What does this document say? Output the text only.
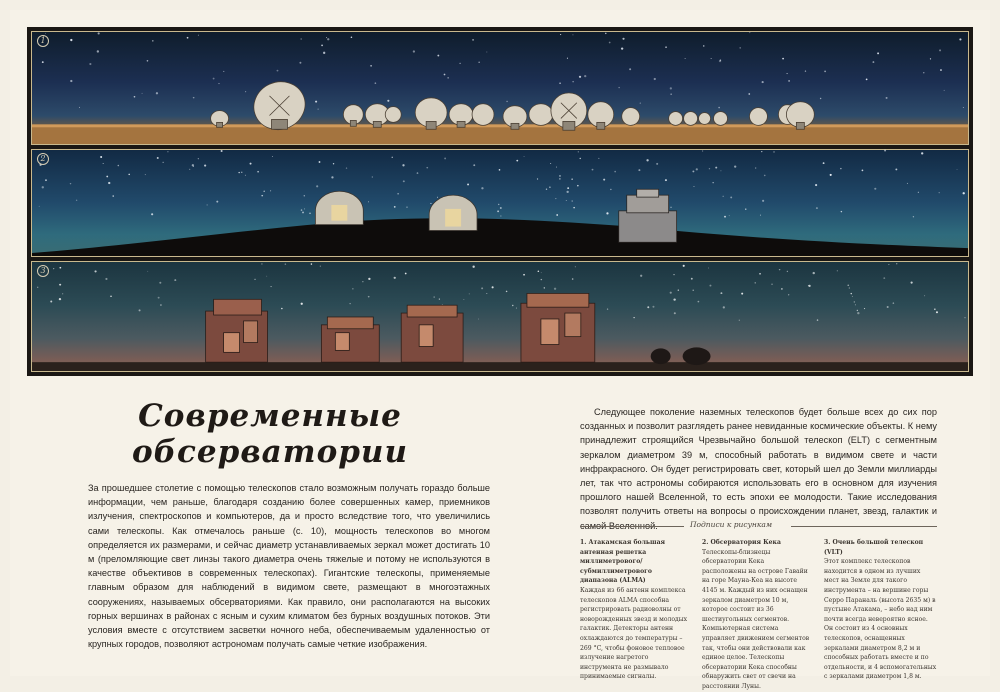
1
2
3
Современные
обсерватории

За прошедшее столетие с помощью телескопов стало возможным получать гораздо больше информации, чем раньше, благодаря созданию более совершенных камер, приемников излучения, спектроскопов и компьютеров, да и просто вследствие того, что увеличились сами телескопы. Как отмечалось раньше (с. 10), мощность телескопов во многом определяется их размерами, и сейчас диаметр устанавливаемых зеркал может достигать 10 м (преломляющие свет линзы такого диаметра очень тяжелые и потому не используются в качестве объективов в современных телескопах). Гигантские телескопы, применяемые главным образом для наблюдений в видимом свете, размещают в многоэтажных сооружениях, называемых обсерваториями. Как правило, они располагаются на высоких горных вершинах в районах с ясным и сухим климатом без бурных воздушных потоков. Эти условия вместе с отсутствием засветки ночного неба, обеспечиваемым удаленностью от крупных городов, позволяют астрономам получать самые четкие изображения.

Следующее поколение наземных телескопов будет больше всех до сих пор созданных и позволит разглядеть ранее невиданные космические объекты. К нему принадлежит строящийся Чрезвычайно большой телескоп (ELT) с сегментным зеркалом диаметром 39 м, способный работать в видимом свете и части инфракрасного. Он будет регистрировать свет, который шел до Земли миллиарды лет, так что астрономы собираются использовать его в основном для изучения прошлого нашей Вселенной, то есть эпохи ее молодости. Такие исследования позволят получить ответы на вопросы о происхождении планет, звезд, галактик и

Подписи к рисункам
1. Атакамская большая антенная решетка миллиметрового/субмиллиметрового диапазона (ALMA)
Каждая из 66 антенн комплекса телескопов ALMA способна регистрировать радиоволны от новорожденных звезд и молодых галактик. Детекторы антенн охлаждаются до температуры –269 °C, чтобы фоновое тепловое излучение нагретого инструмента не размывало принимаемые сигналы.
2. Обсерватория Кека
Телескопы-близнецы обсерватории Кека расположены на острове Гавайи на горе Мауна-Кеа на высоте 4145 м. Каждый из них оснащен зеркалом диаметром 10 м, которое состоит из 36 шестиугольных сегментов. Компьютерная система управляет движением сегментов так, чтобы они действовали как единое целое. Телескопы обсерватории Кека способны обнаружить свет от свечи на расстоянии Луны.
3. Очень большой телескоп (VLT)
Этот комплекс телескопов находится в одном из лучших мест на Земле для такого инструмента – на вершине горы Серро Параналь (высота 2635 м) в пустыне Атакама, – небо над ним почти всегда невероятно ясное. Он состоит из 4 основных телескопов, оснащенных зеркалами диаметром 8,2 м и способных работать вместе и по отдельности, и 4 вспомогательных с зеркалами диаметром 1,8 м.
